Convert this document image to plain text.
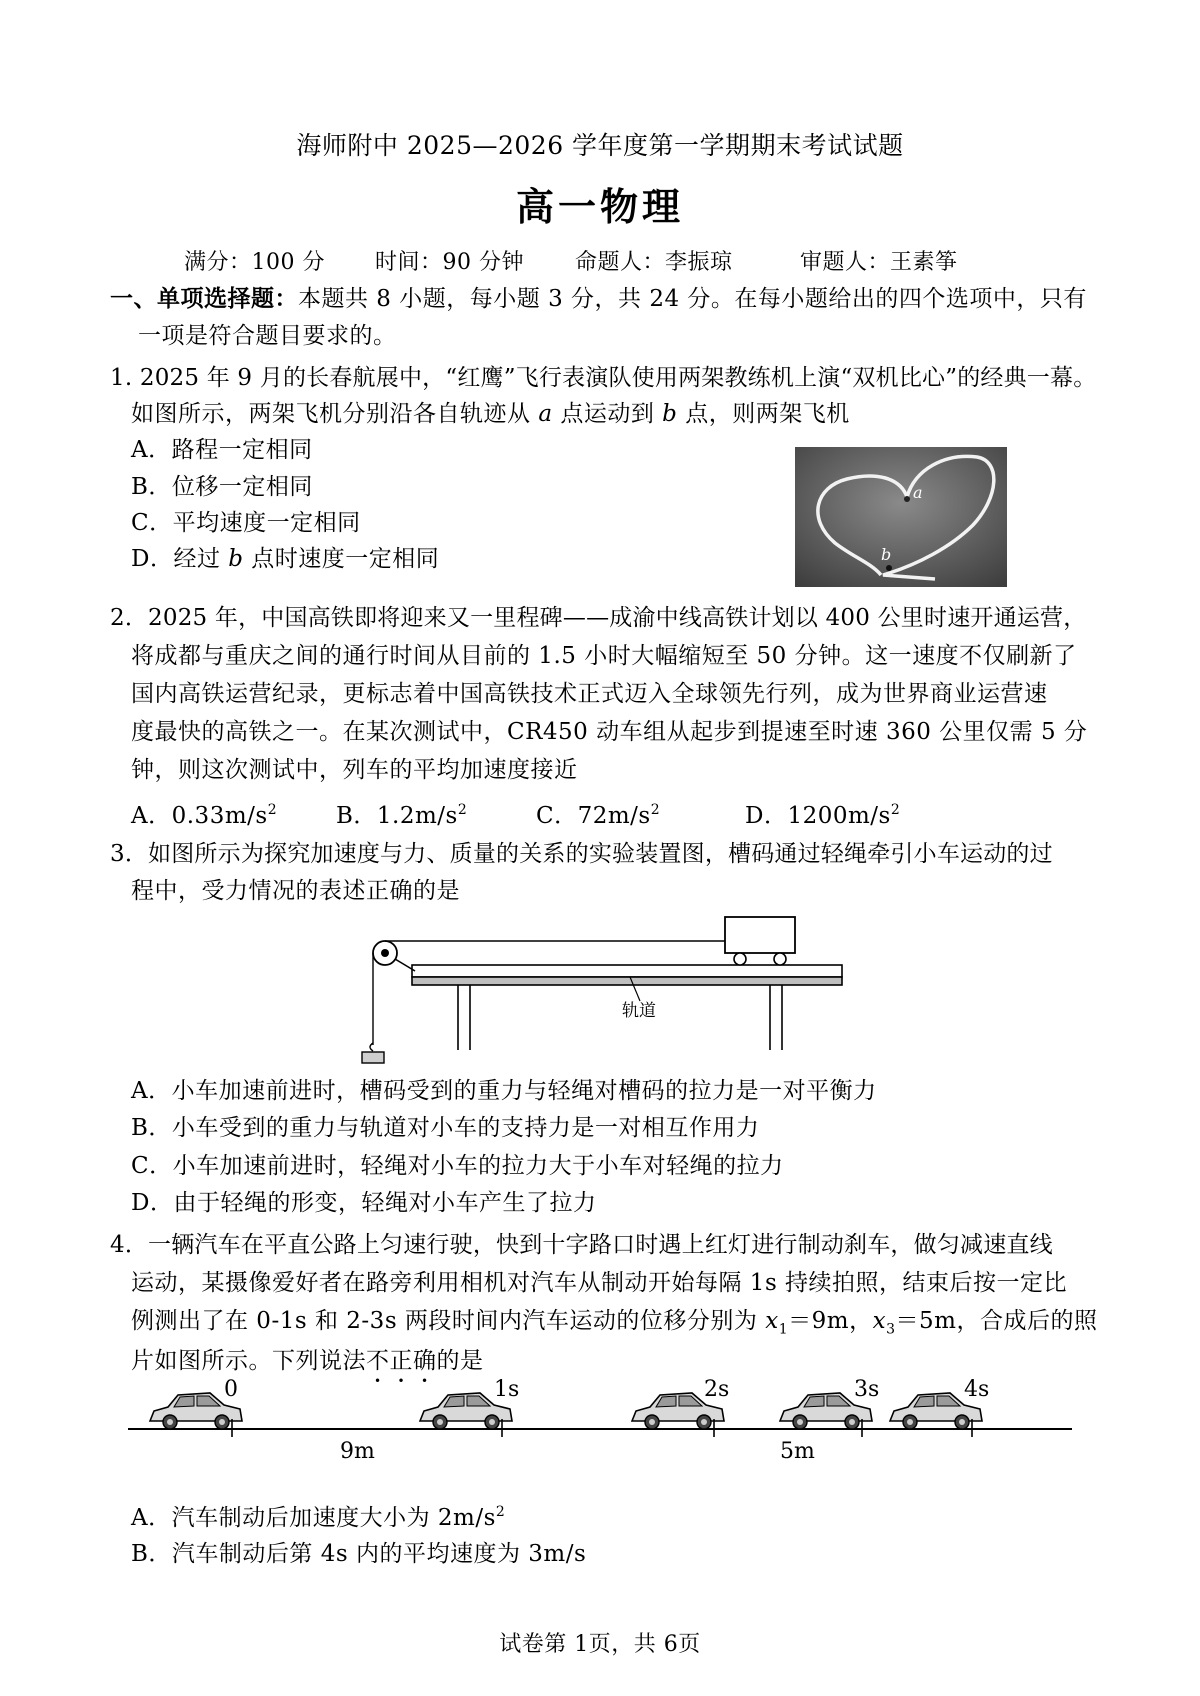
海师附中 2025—2026 学年度第一学期期末考试试题
高一物理
满分：100 分 时间：90 分钟 命题人：李振琼	审题人：王素筝
一、单项选择题：本题共 8 小题，每小题 3 分，共 24 分。在每小题给出的四个选项中，只有
一项是符合题目要求的。
1. 2025 年 9 月的长春航展中，“红鹰”飞行表演队使用两架教练机上演“双机比心”的经典一幕。
如图所示，两架飞机分别沿各自轨迹从 a 点运动到 b 点，则两架飞机
A．路程一定相同
B．位移一定相同
C．平均速度一定相同
D．经过 b 点时速度一定相同
a
b
2．2025 年，中国高铁即将迎来又一里程碑——成渝中线高铁计划以 400 公里时速开通运营，
将成都与重庆之间的通行时间从目前的 1.5 小时大幅缩短至 50 分钟。这一速度不仅刷新了
国内高铁运营纪录，更标志着中国高铁技术正式迈入全球领先行列，成为世界商业运营速
度最快的高铁之一。在某次测试中，CR450 动车组从起步到提速至时速 360 公里仅需 5 分
钟，则这次测试中，列车的平均加速度接近
A．$0.33m/s^2$	B．$1.2m/s^2$	C．$72m/s^2$	D．$1200m/s^2$
3．如图所示为探究加速度与力、质量的关系的实验装置图，槽码通过轻绳牵引小车运动的过
程中，受力情况的表述正确的是
轨道
A．小车加速前进时，槽码受到的重力与轻绳对槽码的拉力是一对平衡力
B．小车受到的重力与轨道对小车的支持力是一对相互作用力
C．小车加速前进时，轻绳对小车的拉力大于小车对轻绳的拉力
D．由于轻绳的形变，轻绳对小车产生了拉力
4．一辆汽车在平直公路上匀速行驶，快到十字路口时遇上红灯进行制动刹车，做匀减速直线
运动，某摄像爱好者在路旁利用相机对汽车从制动开始每隔 1s 持续拍照，结束后按一定比
例测出了在 0-1s 和 2-3s 两段时间内汽车运动的位移分别为 $x_1=9m$，$x_3=5m$，合成后的照
片如图所示。下列说法不正确的是
0	1s	2s	3s	4s
9m	5m
A．汽车制动后加速度大小为 $2m/s^2$
B．汽车制动后第 4s 内的平均速度为 3m/s
试卷第 1页，共 6页
